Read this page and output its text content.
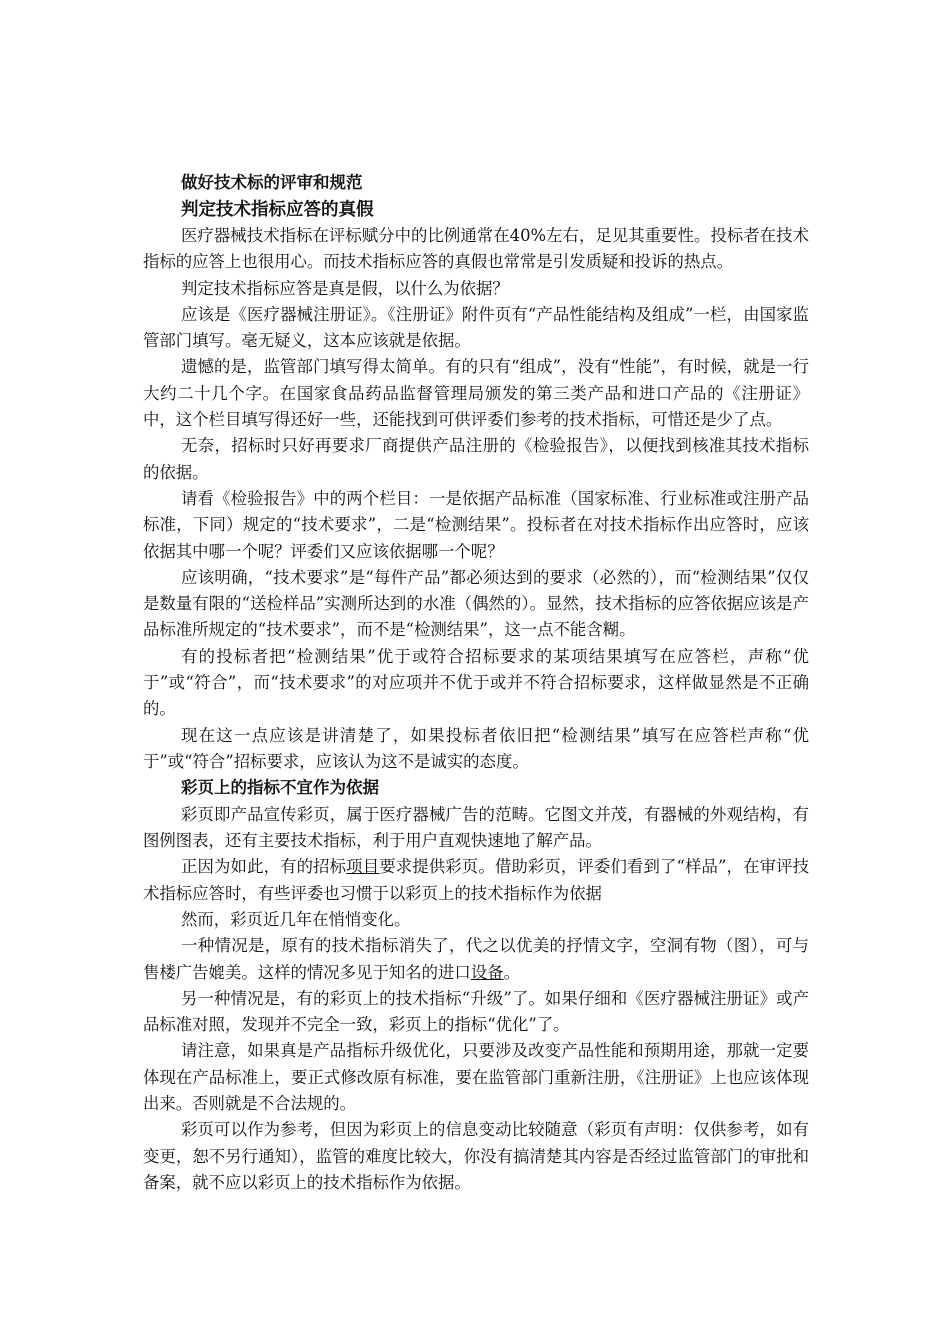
做好技术标的评审和规范

判定技术指标应答的真假

医疗器械技术指标在评标赋分中的比例通常在40%左右，足见其重要性。投标者在技术指标的应答上也很用心。而技术指标应答的真假也常常是引发质疑和投诉的热点。

判定技术指标应答是真是假，以什么为依据？

应该是《医疗器械注册证》。《注册证》附件页有“产品性能结构及组成”一栏，由国家监管部门填写。毫无疑义，这本应该就是依据。

遗憾的是，监管部门填写得太简单。有的只有“组成”，没有“性能”，有时候，就是一行大约二十几个字。在国家食品药品监督管理局颁发的第三类产品和进口产品的《注册证》中，这个栏目填写得还好一些，还能找到可供评委们参考的技术指标，可惜还是少了点。

无奈，招标时只好再要求厂商提供产品注册的《检验报告》，以便找到核准其技术指标的依据。

请看《检验报告》中的两个栏目：一是依据产品标准（国家标准、行业标准或注册产品标准，下同）规定的“技术要求”，二是“检测结果”。投标者在对技术指标作出应答时，应该依据其中哪一个呢？评委们又应该依据哪一个呢？

应该明确，“技术要求”是“每件产品”都必须达到的要求（必然的），而“检测结果”仅仅是数量有限的“送检样品”实测所达到的水准（偶然的）。显然，技术指标的应答依据应该是产品标准所规定的“技术要求”，而不是“检测结果”，这一点不能含糊。

有的投标者把“检测结果”优于或符合招标要求的某项结果填写在应答栏，声称“优于”或“符合”，而“技术要求”的对应项并不优于或并不符合招标要求，这样做显然是不正确的。

现在这一点应该是讲清楚了，如果投标者依旧把“检测结果”填写在应答栏声称“优于”或“符合”招标要求，应该认为这不是诚实的态度。

彩页上的指标不宜作为依据

彩页即产品宣传彩页，属于医疗器械广告的范畴。它图文并茂，有器械的外观结构，有图例图表，还有主要技术指标，利于用户直观快速地了解产品。

正因为如此，有的招标项目要求提供彩页。借助彩页，评委们看到了“样品”，在审评技术指标应答时，有些评委也习惯于以彩页上的技术指标作为依据

然而，彩页近几年在悄悄变化。

一种情况是，原有的技术指标消失了，代之以优美的抒情文字，空洞有物（图），可与售楼广告媲美。这样的情况多见于知名的进口设备。

另一种情况是，有的彩页上的技术指标“升级”了。如果仔细和《医疗器械注册证》或产品标准对照，发现并不完全一致，彩页上的指标“优化”了。

请注意，如果真是产品指标升级优化，只要涉及改变产品性能和预期用途，那就一定要体现在产品标准上，要正式修改原有标准，要在监管部门重新注册，《注册证》上也应该体现出来。否则就是不合法规的。

彩页可以作为参考，但因为彩页上的信息变动比较随意（彩页有声明：仅供参考，如有变更，恕不另行通知），监管的难度比较大，你没有搞清楚其内容是否经过监管部门的审批和备案，就不应以彩页上的技术指标作为依据。
